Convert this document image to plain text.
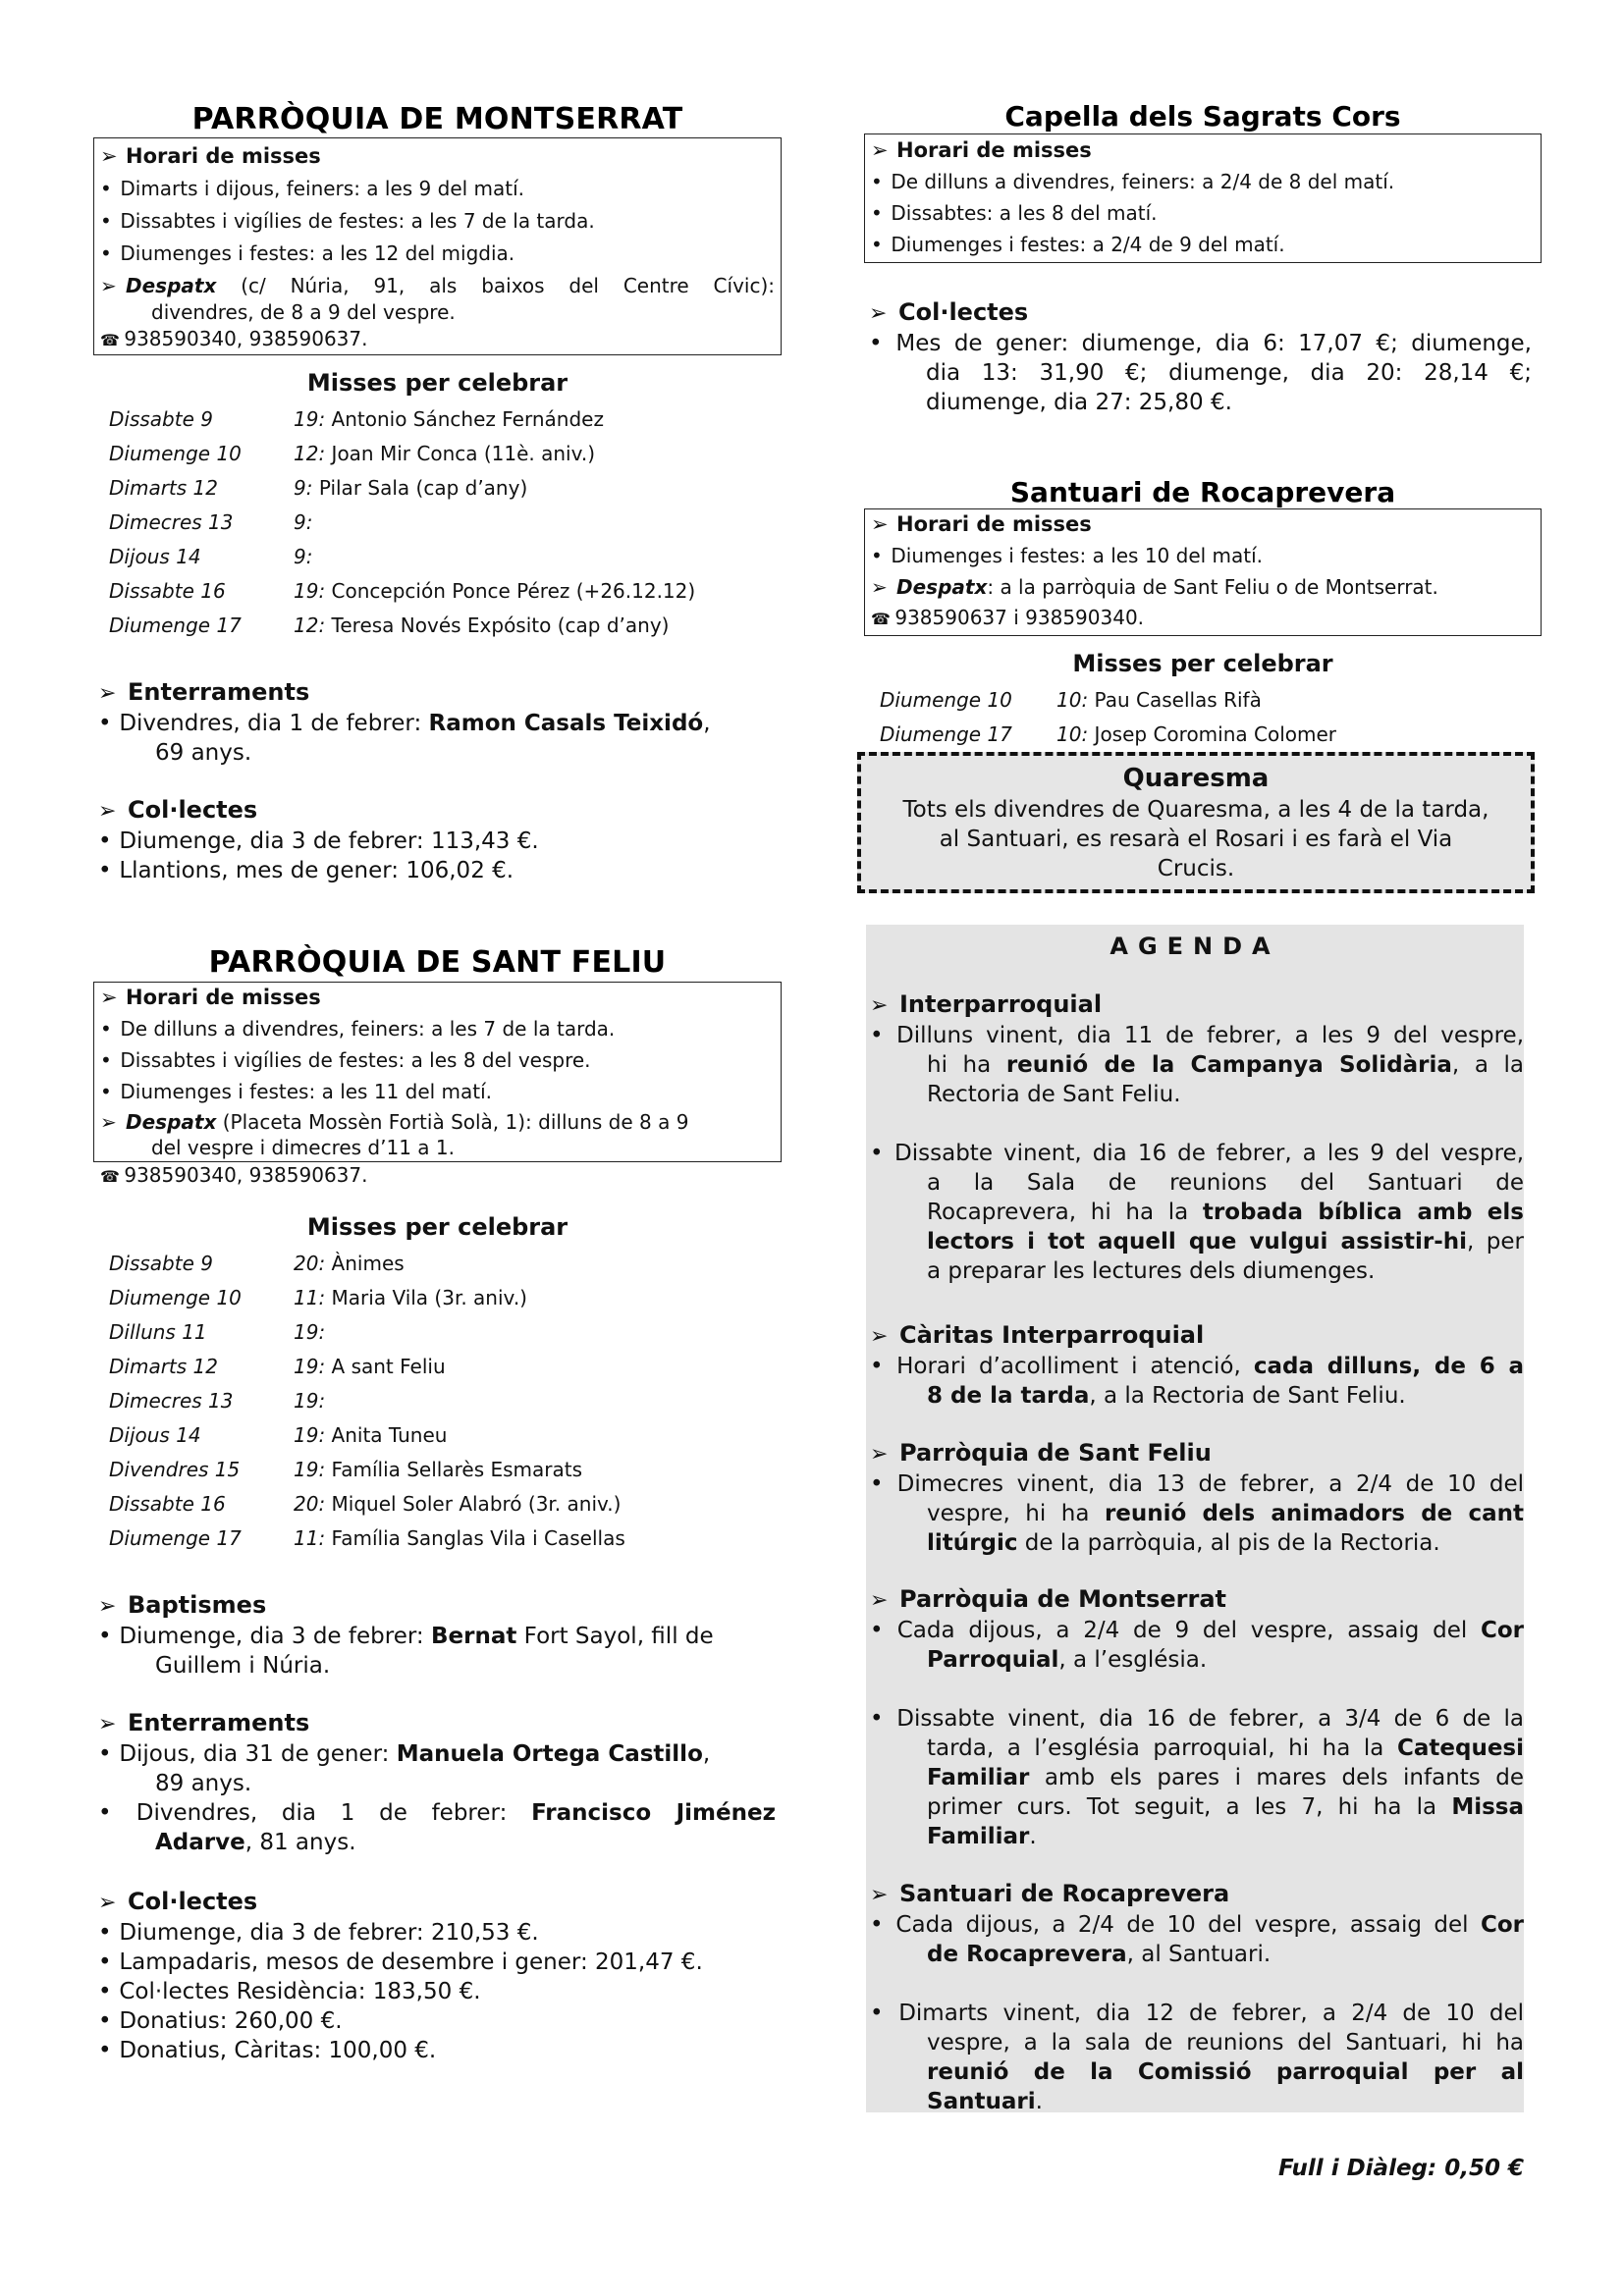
PARRÒQUIA DE MONTSERRAT
➢ Horari de misses
• Dimarts i dijous, feiners: a les 9 del matí.
• Dissabtes i vigílies de festes: a les 7 de la tarda.
• Diumenges i festes: a les 12 del migdia.
➢ Despatx (c/ Núria, 91, als baixos del Centre Cívic):
divendres, de 8 a 9 del vespre.
☎ 938590340, 938590637.
Misses per celebrar
Dissabte 9	19: Antonio Sánchez Fernández
Diumenge 10	12: Joan Mir Conca (11è. aniv.)
Dimarts 12	9: Pilar Sala (cap d’any)
Dimecres 13	9:
Dijous 14	9:
Dissabte 16	19: Concepción Ponce Pérez (+26.12.12)
Diumenge 17	12: Teresa Novés Expósito (cap d’any)
➢ Enterraments
• Divendres, dia 1 de febrer: Ramon Casals Teixidó,
69 anys.
➢ Col·lectes
• Diumenge, dia 3 de febrer: 113,43 €.
• Llantions, mes de gener: 106,02 €.
PARRÒQUIA DE SANT FELIU
➢ Horari de misses
• De dilluns a divendres, feiners: a les 7 de la tarda.
• Dissabtes i vigílies de festes: a les 8 del vespre.
• Diumenges i festes: a les 11 del matí.
➢ Despatx (Placeta Mossèn Fortià Solà, 1): dilluns de 8 a 9
del vespre i dimecres d’11 a 1.
☎ 938590340, 938590637.
Misses per celebrar
Dissabte 9	20: Ànimes
Diumenge 10	11: Maria Vila (3r. aniv.)
Dilluns 11	19:
Dimarts 12	19: A sant Feliu
Dimecres 13	19:
Dijous 14	19: Anita Tuneu
Divendres 15	19: Família Sellarès Esmarats
Dissabte 16	20: Miquel Soler Alabró (3r. aniv.)
Diumenge 17	11: Família Sanglas Vila i Casellas
➢ Baptismes
• Diumenge, dia 3 de febrer: Bernat Fort Sayol, fill de
Guillem i Núria.
➢ Enterraments
• Dijous, dia 31 de gener: Manuela Ortega Castillo,
89 anys.
• Divendres, dia 1 de febrer: Francisco Jiménez
Adarve, 81 anys.
➢ Col·lectes
• Diumenge, dia 3 de febrer: 210,53 €.
• Lampadaris, mesos de desembre i gener: 201,47 €.
• Col·lectes Residència: 183,50 €.
• Donatius: 260,00 €.
• Donatius, Càritas: 100,00 €.
Capella dels Sagrats Cors
➢ Horari de misses
• De dilluns a divendres, feiners: a 2/4 de 8 del matí.
• Dissabtes: a les 8 del matí.
• Diumenges i festes: a 2/4 de 9 del matí.
➢ Col·lectes
• Mes de gener: diumenge, dia 6: 17,07 €; diumenge,
dia 13: 31,90 €; diumenge, dia 20: 28,14 €;
diumenge, dia 27: 25,80 €.
Santuari de Rocaprevera
➢ Horari de misses
• Diumenges i festes: a les 10 del matí.
➢ Despatx: a la parròquia de Sant Feliu o de Montserrat.
☎ 938590637 i 938590340.
Misses per celebrar
Diumenge 10 10: Pau Casellas Rifà
Diumenge 17 10: Josep Coromina Colomer
Quaresma
Tots els divendres de Quaresma, a les 4 de la tarda,
al Santuari, es resarà el Rosari i es farà el Via
Crucis.
AGENDA
➢ Interparroquial
• Dilluns vinent, dia 11 de febrer, a les 9 del vespre,
hi ha reunió de la Campanya Solidària, a la
Rectoria de Sant Feliu.
• Dissabte vinent, dia 16 de febrer, a les 9 del vespre,
a la Sala de reunions del Santuari de
Rocaprevera, hi ha la trobada bíblica amb els
lectors i tot aquell que vulgui assistir-hi, per
a preparar les lectures dels diumenges.
➢ Càritas Interparroquial
• Horari d’acolliment i atenció, cada dilluns, de 6 a
8 de la tarda, a la Rectoria de Sant Feliu.
➢ Parròquia de Sant Feliu
• Dimecres vinent, dia 13 de febrer, a 2/4 de 10 del
vespre, hi ha reunió dels animadors de cant
litúrgic de la parròquia, al pis de la Rectoria.
➢ Parròquia de Montserrat
• Cada dijous, a 2/4 de 9 del vespre, assaig del Cor
Parroquial, a l’església.
• Dissabte vinent, dia 16 de febrer, a 3/4 de 6 de la
tarda, a l’església parroquial, hi ha la Catequesi
Familiar amb els pares i mares dels infants de
primer curs. Tot seguit, a les 7, hi ha la Missa
Familiar.
➢ Santuari de Rocaprevera
• Cada dijous, a 2/4 de 10 del vespre, assaig del Cor
de Rocaprevera, al Santuari.
• Dimarts vinent, dia 12 de febrer, a 2/4 de 10 del
vespre, a la sala de reunions del Santuari, hi ha
reunió de la Comissió parroquial per al
Santuari.
Full i Diàleg: 0,50 €
